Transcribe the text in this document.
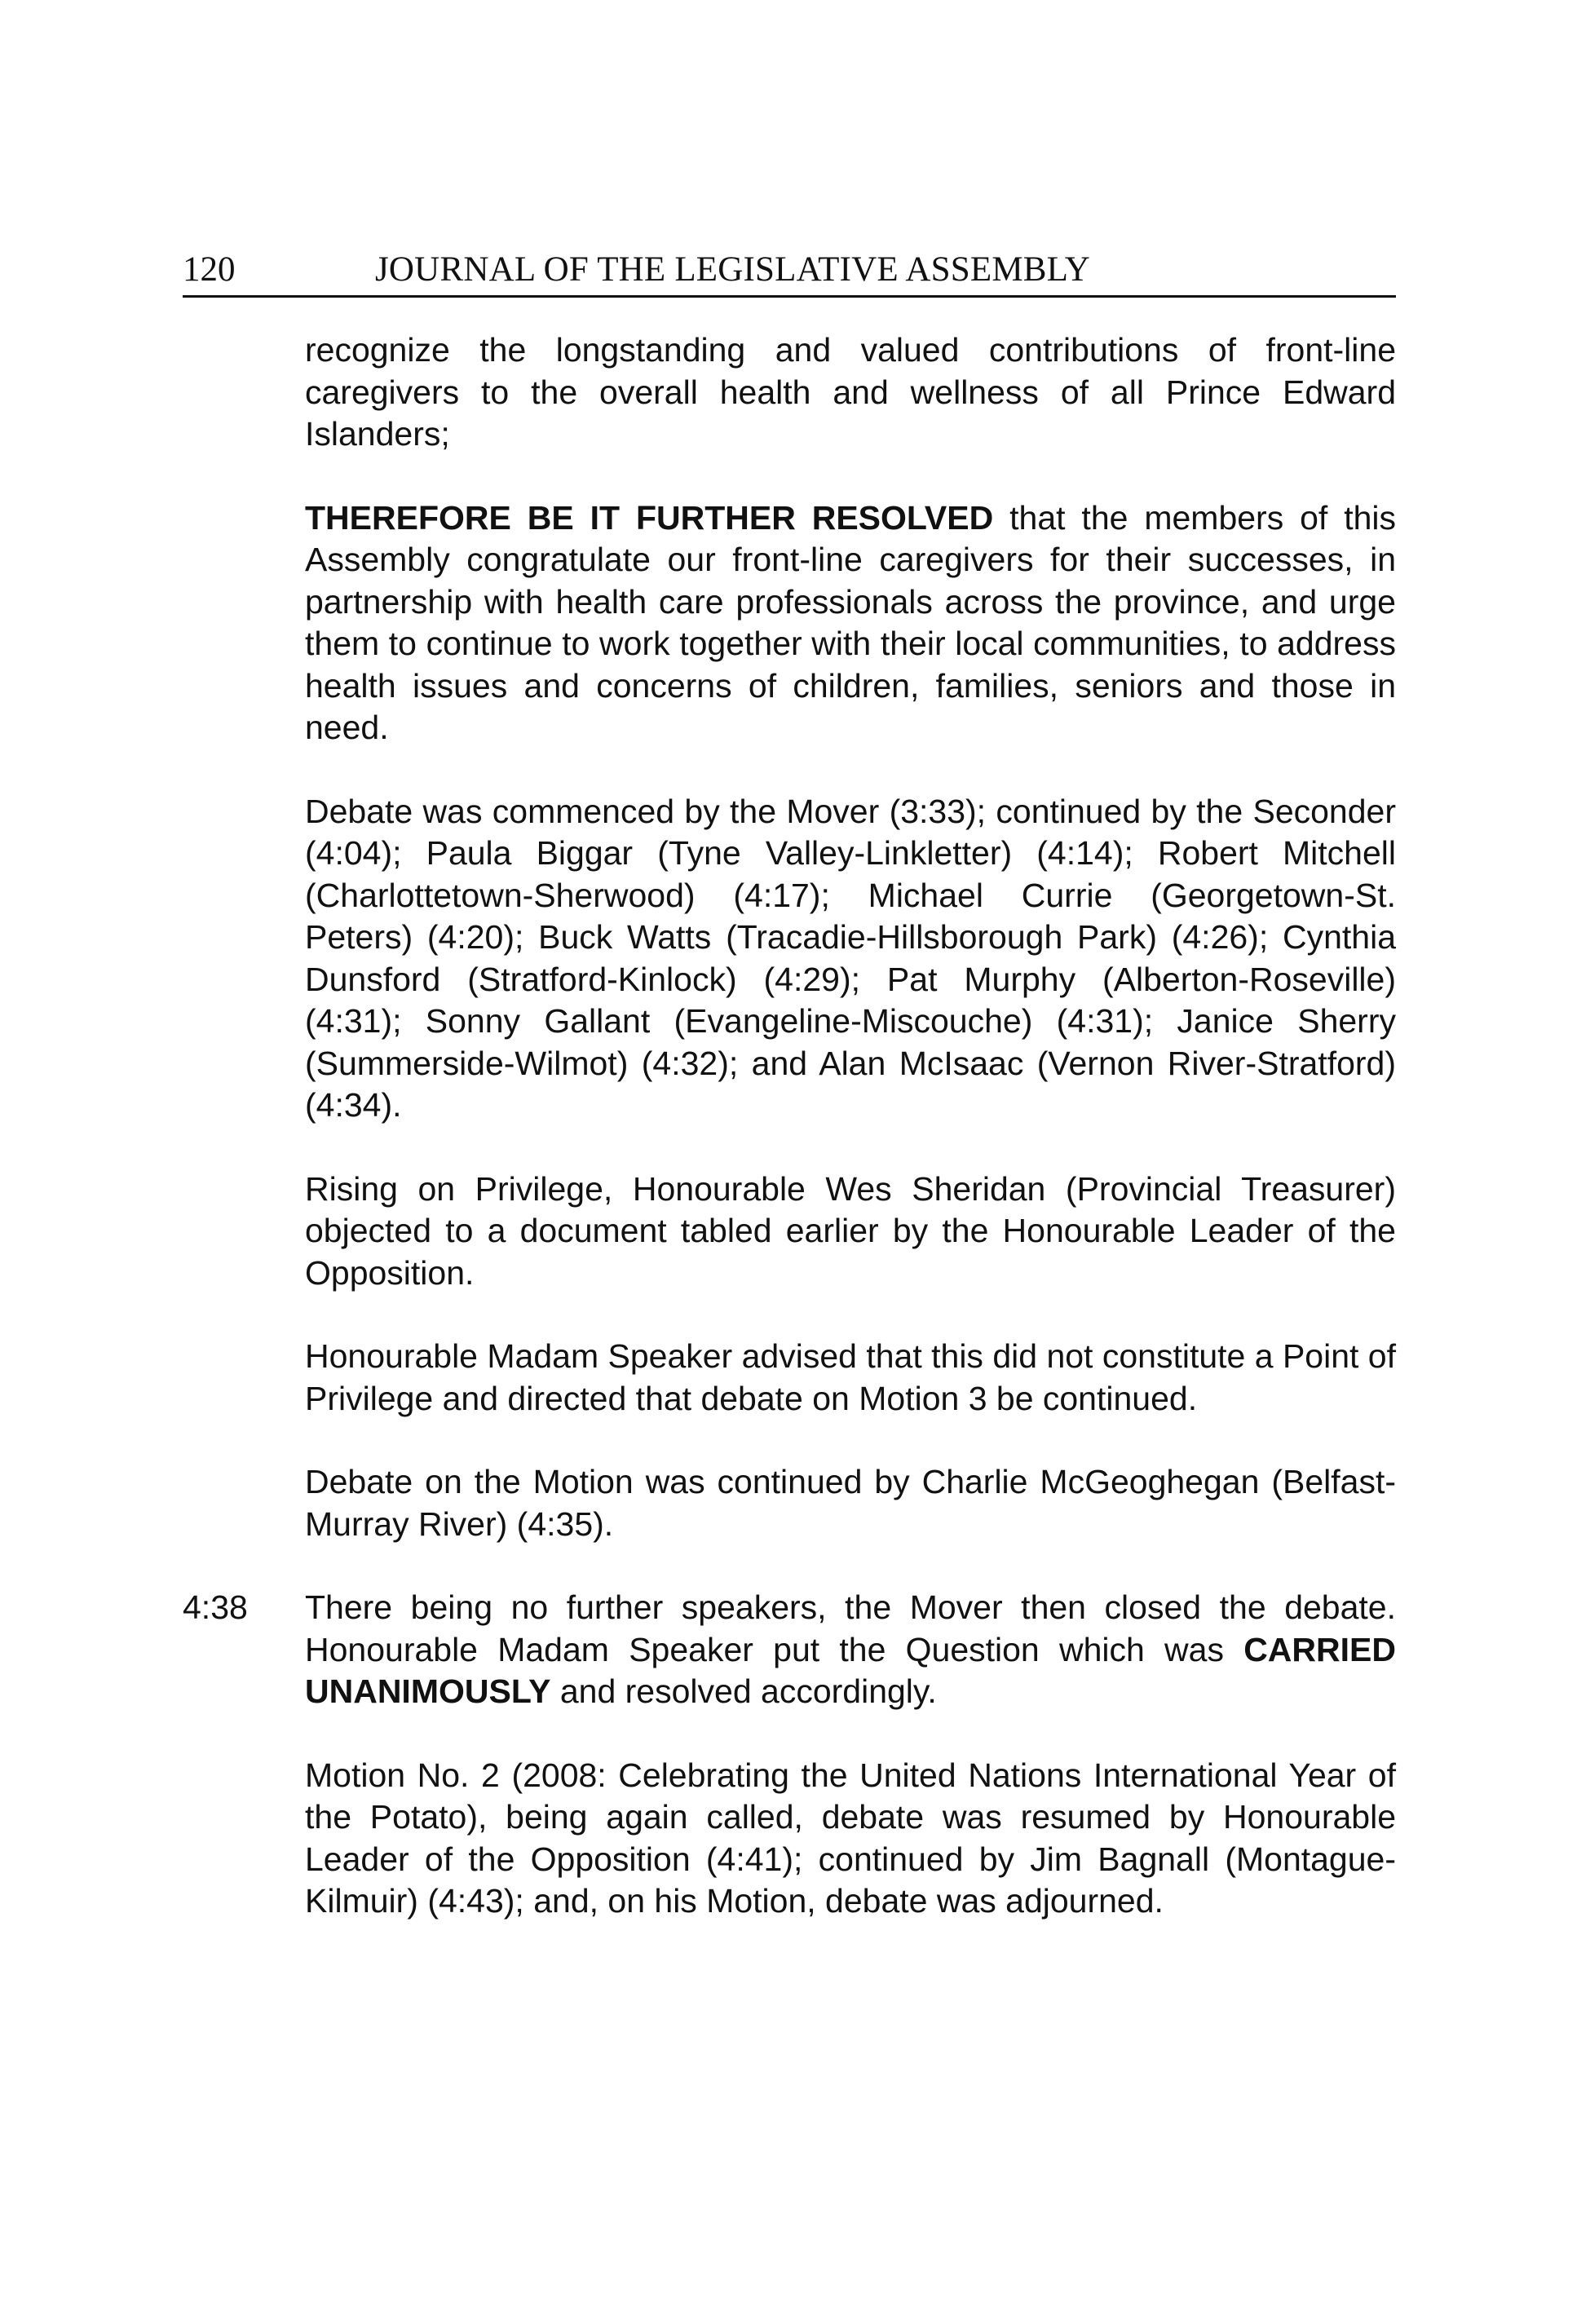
120	JOURNAL OF THE LEGISLATIVE ASSEMBLY

recognize the longstanding and valued contributions of front-line caregivers to the overall health and wellness of all Prince Edward Islanders;

THEREFORE BE IT FURTHER RESOLVED that the members of this Assembly congratulate our front-line caregivers for their successes, in partnership with health care professionals across the province, and urge them to continue to work together with their local communities, to address health issues and concerns of children, families, seniors and those in need.

Debate was commenced by the Mover (3:33); continued by the Seconder (4:04); Paula Biggar (Tyne Valley-Linkletter) (4:14); Robert Mitchell (Charlottetown-Sherwood) (4:17); Michael Currie (Georgetown-St. Peters) (4:20); Buck Watts (Tracadie-Hillsborough Park) (4:26); Cynthia Dunsford (Stratford-Kinlock) (4:29); Pat Murphy (Alberton-Roseville) (4:31); Sonny Gallant (Evangeline-Miscouche) (4:31); Janice Sherry (Summerside-Wilmot) (4:32); and Alan McIsaac (Vernon River-Stratford) (4:34).

Rising on Privilege, Honourable Wes Sheridan (Provincial Treasurer) objected to a document tabled earlier by the Honourable Leader of the Opposition.

Honourable Madam Speaker advised that this did not constitute a Point of Privilege and directed that debate on Motion 3 be continued.

Debate on the Motion was continued by Charlie McGeoghegan (Belfast-Murray River) (4:35).

4:38	There being no further speakers, the Mover then closed the debate. Honourable Madam Speaker put the Question which was CARRIED UNANIMOUSLY and resolved accordingly.

Motion No. 2 (2008: Celebrating the United Nations International Year of the Potato), being again called, debate was resumed by Honourable Leader of the Opposition (4:41); continued by Jim Bagnall (Montague-Kilmuir) (4:43); and, on his Motion, debate was adjourned.
